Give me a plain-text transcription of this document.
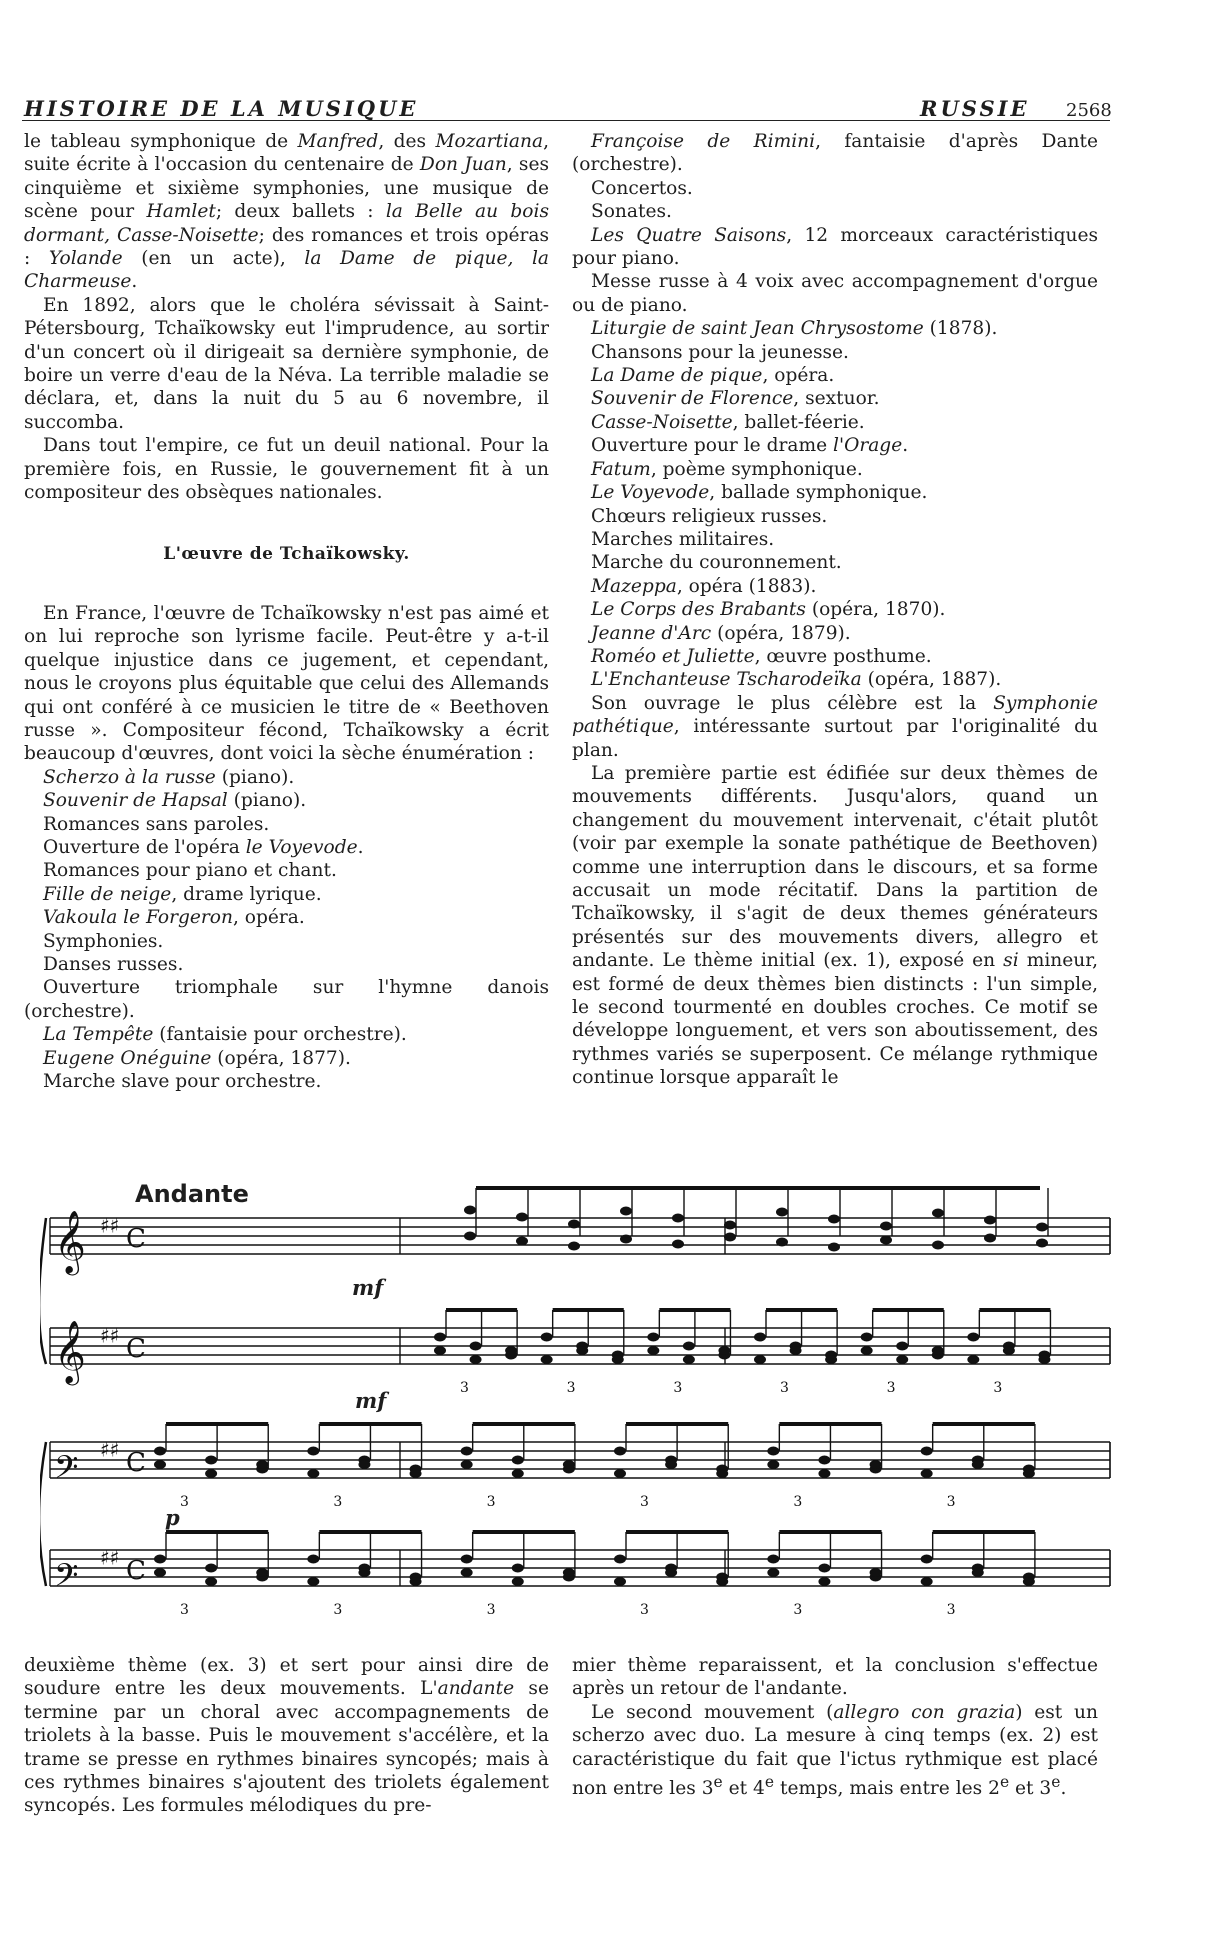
HISTOIRE DE LA MUSIQUE	RUSSIE 2568

le tableau symphonique de Manfred, des Mozartiana, suite écrite à l'occasion du centenaire de Don Juan, ses cinquième et sixième symphonies, une musique de scène pour Hamlet; deux ballets : la Belle au bois dormant, Casse-Noisette; des romances et trois opéras : Yolande (en un acte), la Dame de pique, la Charmeuse.

En 1892, alors que le choléra sévissait à Saint-Pétersbourg, Tchaïkowsky eut l'imprudence, au sortir d'un concert où il dirigeait sa dernière symphonie, de boire un verre d'eau de la Néva. La terrible maladie se déclara, et, dans la nuit du 5 au 6 novembre, il succomba.

Dans tout l'empire, ce fut un deuil national. Pour la première fois, en Russie, le gouvernement fit à un compositeur des obsèques nationales.

L'œuvre de Tchaïkowsky.

En France, l'œuvre de Tchaïkowsky n'est pas aimé et on lui reproche son lyrisme facile. Peut-être y a-t-il quelque injustice dans ce jugement, et cependant, nous le croyons plus équitable que celui des Allemands qui ont conféré à ce musicien le titre de « Beethoven russe ». Compositeur fécond, Tchaïkowsky a écrit beaucoup d'œuvres, dont voici la sèche énumération :

Scherzo à la russe (piano).
Souvenir de Hapsal (piano).
Romances sans paroles.
Ouverture de l'opéra le Voyevode.
Romances pour piano et chant.
Fille de neige, drame lyrique.
Vakoula le Forgeron, opéra.
Symphonies.
Danses russes.
Ouverture triomphale sur l'hymne danois (orchestre).
La Tempête (fantaisie pour orchestre).
Eugene Onéguine (opéra, 1877).
Marche slave pour orchestre.
Françoise de Rimini, fantaisie d'après Dante (orchestre).
Concertos.
Sonates.
Les Quatre Saisons, 12 morceaux caractéristiques pour piano.
Messe russe à 4 voix avec accompagnement d'orgue ou de piano.
Liturgie de saint Jean Chrysostome (1878).
Chansons pour la jeunesse.
La Dame de pique, opéra.
Souvenir de Florence, sextuor.
Casse-Noisette, ballet-féerie.
Ouverture pour le drame l'Orage.
Fatum, poème symphonique.
Le Voyevode, ballade symphonique.
Chœurs religieux russes.
Marches militaires.
Marche du couronnement.
Mazeppa, opéra (1883).
Le Corps des Brabants (opéra, 1870).
Jeanne d'Arc (opéra, 1879).
Roméo et Juliette, œuvre posthume.
L'Enchanteuse Tscharodeïka (opéra, 1887).

Son ouvrage le plus célèbre est la Symphonie pathétique, intéressante surtout par l'originalité du plan.

La première partie est édifiée sur deux thèmes de mouvements différents. Jusqu'alors, quand un changement du mouvement intervenait, c'était plutôt (voir par exemple la sonate pathétique de Beethoven) comme une interruption dans le discours, et sa forme accusait un mode récitatif. Dans la partition de Tchaïkowsky, il s'agit de deux themes générateurs présentés sur des mouvements divers, allegro et andante. Le thème initial (ex. 1), exposé en si mineur, est formé de deux thèmes bien distincts : l'un simple, le second tourmenté en doubles croches. Ce motif se développe longuement, et vers son aboutissement, des rythmes variés se superposent. Ce mélange rythmique continue lorsque apparaît le

𝄞 ♯♯ C
𝄞 ♯♯ C
3	3	3	3	3	3
𝄢 ♯♯ C
3	3	3	3	3	3
𝄢 ♯♯ C
3	3	3	3	3	3
Andante
mf
mf
p

deuxième thème (ex. 3) et sert pour ainsi dire de soudure entre les deux mouvements. L'andante se termine par un choral avec accompagnements de triolets à la basse. Puis le mouvement s'accélère, et la trame se presse en rythmes binaires syncopés; mais à ces rythmes binaires s'ajoutent des triolets également syncopés. Les formules mélodiques du pre-

mier thème reparaissent, et la conclusion s'effectue après un retour de l'andante.

Le second mouvement (allegro con grazia) est un scherzo avec duo. La mesure à cinq temps (ex. 2) est caractéristique du fait que l'ictus rythmique est placé non entre les 3e et 4e temps, mais entre les 2e et 3e.
